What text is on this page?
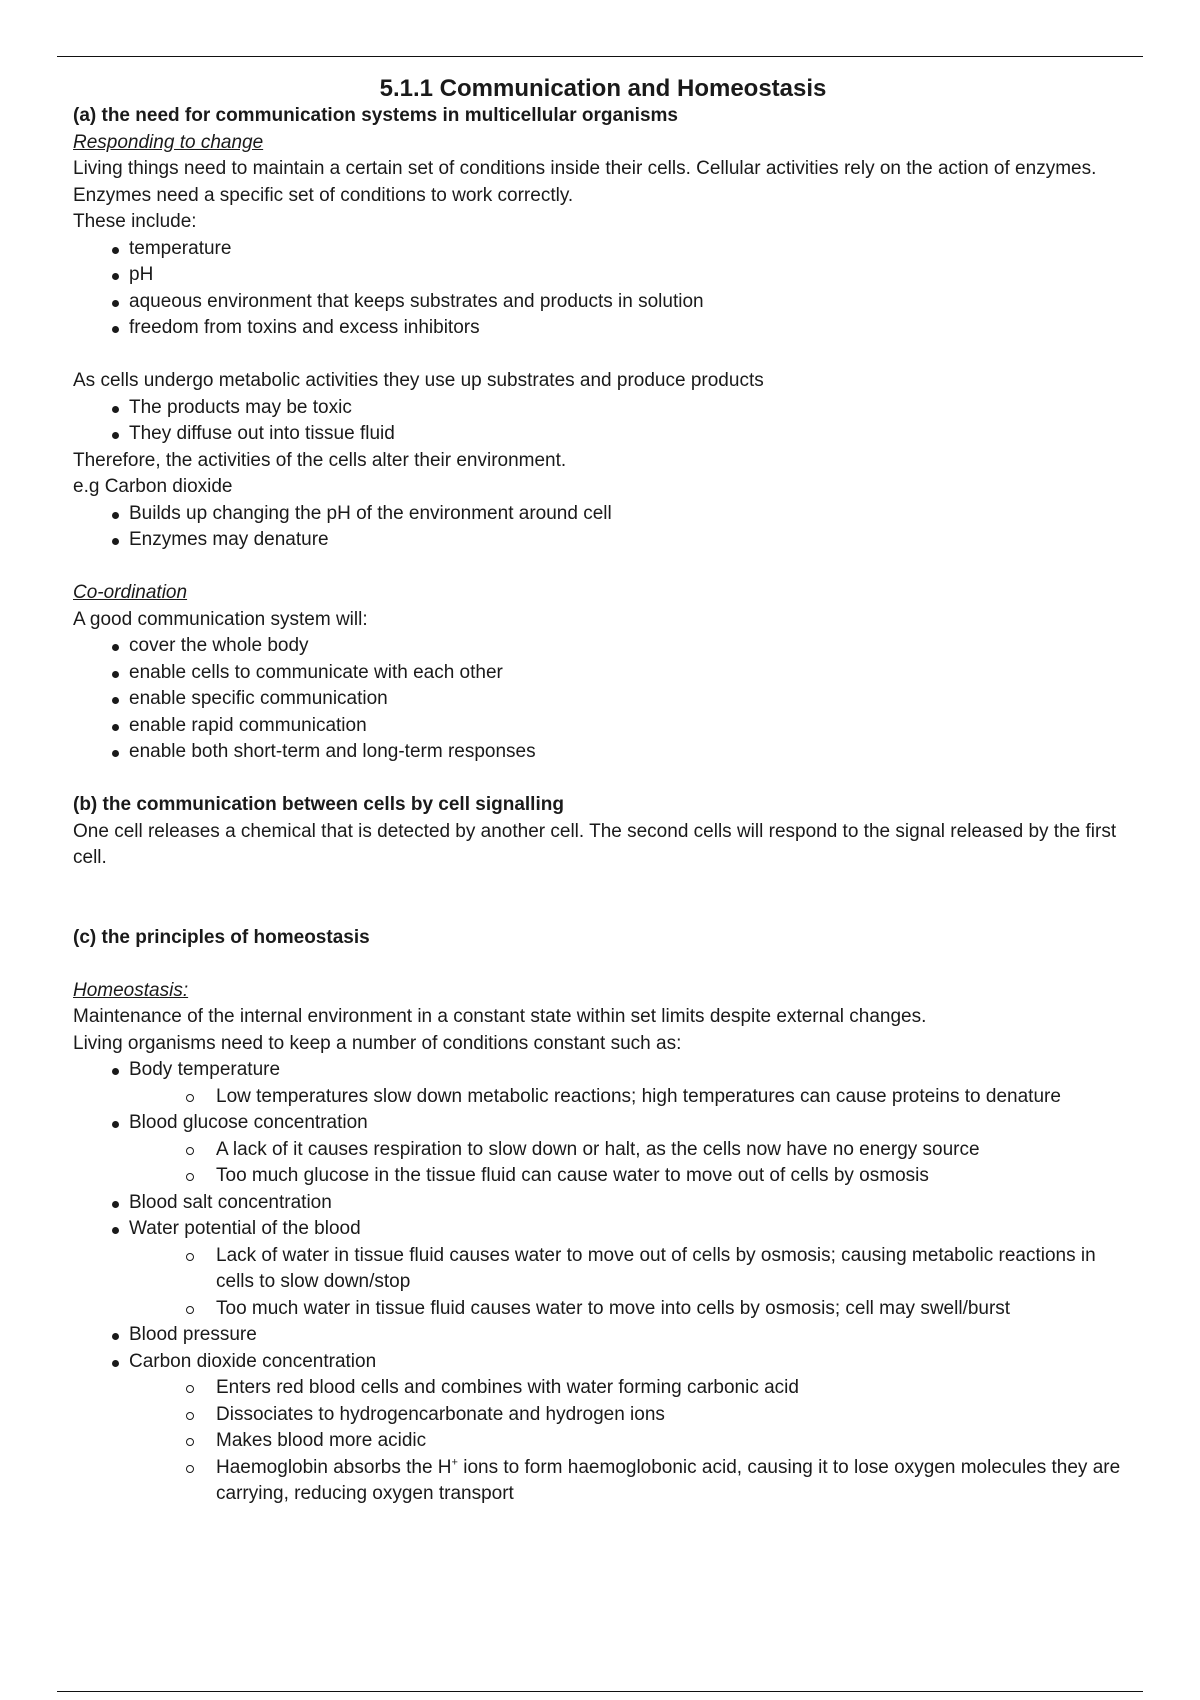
5.1.1 Communication and Homeostasis

(a) the need for communication systems in multicellular organisms

Responding to change

Living things need to maintain a certain set of conditions inside their cells. Cellular activities rely on the action of enzymes. Enzymes need a specific set of conditions to work correctly.

These include:

temperature
pH
aqueous environment that keeps substrates and products in solution
freedom from toxins and excess inhibitors

As cells undergo metabolic activities they use up substrates and produce products

The products may be toxic
They diffuse out into tissue fluid

Therefore, the activities of the cells alter their environment.

e.g Carbon dioxide

Builds up changing the pH of the environment around cell
Enzymes may denature

Co-ordination

A good communication system will:

cover the whole body
enable cells to communicate with each other
enable specific communication
enable rapid communication
enable both short-term and long-term responses

(b) the communication between cells by cell signalling

One cell releases a chemical that is detected by another cell. The second cells will respond to the signal released by the first cell.

(c) the principles of homeostasis

Homeostasis:

Maintenance of the internal environment in a constant state within set limits despite external changes.

Living organisms need to keep a number of conditions constant such as:

Body temperature
Low temperatures slow down metabolic reactions; high temperatures can cause proteins to denature
Blood glucose concentration
A lack of it causes respiration to slow down or halt, as the cells now have no energy source
Too much glucose in the tissue fluid can cause water to move out of cells by osmosis
Blood salt concentration
Water potential of the blood
Lack of water in tissue fluid causes water to move out of cells by osmosis; causing metabolic reactions in cells to slow down/stop
Too much water in tissue fluid causes water to move into cells by osmosis; cell may swell/burst
Blood pressure
Carbon dioxide concentration
Enters red blood cells and combines with water forming carbonic acid
Dissociates to hydrogencarbonate and hydrogen ions
Makes blood more acidic
Haemoglobin absorbs the H+ ions to form haemoglobonic acid, causing it to lose oxygen molecules they are carrying, reducing oxygen transport
